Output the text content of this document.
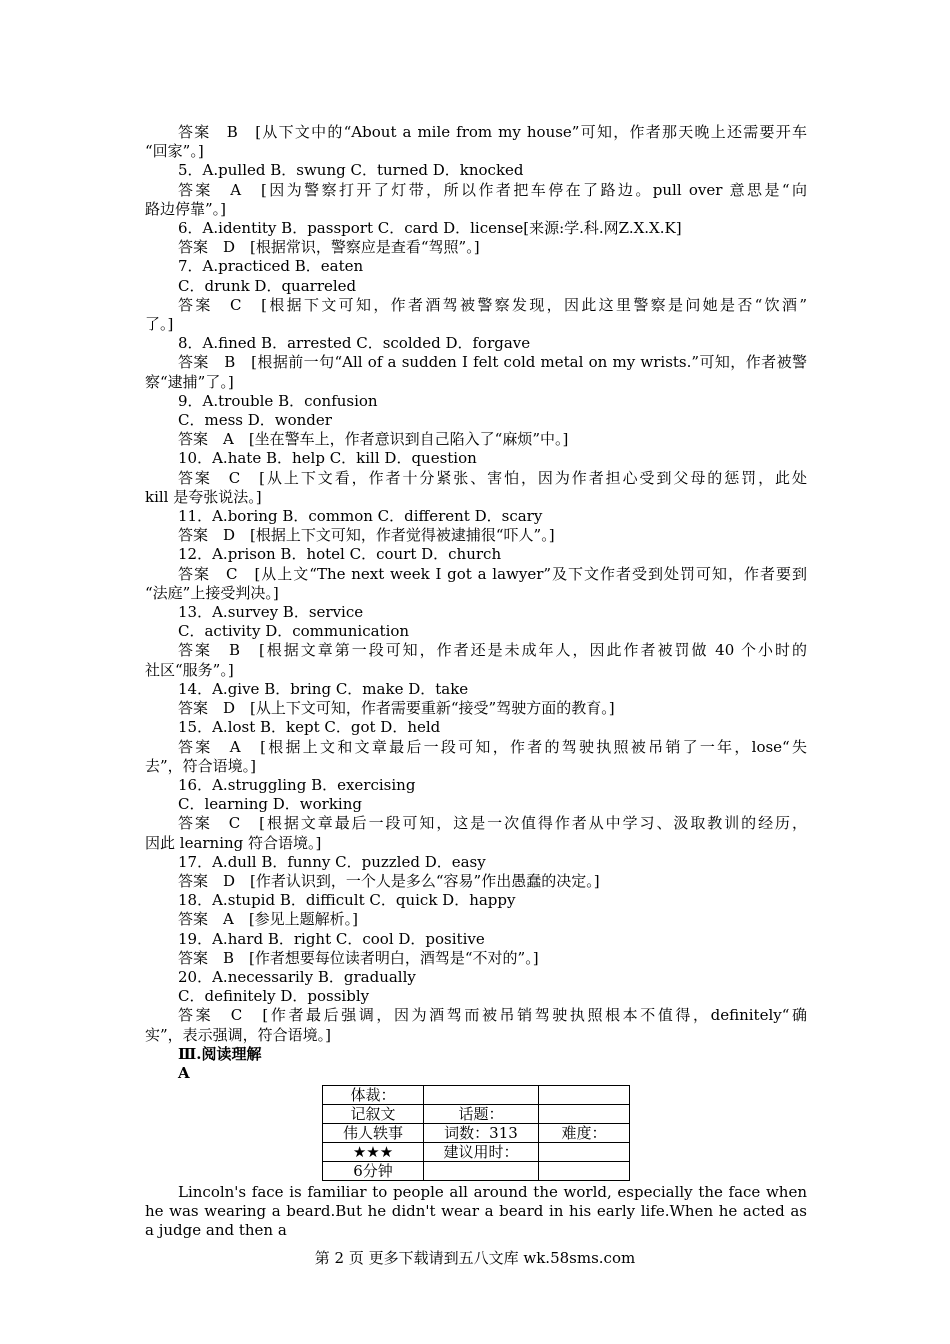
答案　B　[从下文中的“About a mile from my house”可知，作者那天晚上还需要开车
“回家”。]
5．A.pulled B．swung C．turned D．knocked
答案　A　[因为警察打开了灯带，所以作者把车停在了路边。pull over 意思是“向
路边停靠”。]
6．A.identity B．passport C．card D．license[来源:学.科.网Z.X.X.K]
答案　D　[根据常识，警察应是查看“驾照”。]
7．A.practiced B．eaten
C．drunk D．quarreled
答案　C　[根据下文可知，作者酒驾被警察发现，因此这里警察是问她是否“饮酒”
了。]
8．A.fined B．arrested C．scolded D．forgave
答案　B　[根据前一句“All of a sudden I felt cold metal on my wrists.”可知，作者被警
察“逮捕”了。]
9．A.trouble B．confusion
C．mess D．wonder
答案　A　[坐在警车上，作者意识到自己陷入了“麻烦”中。]
10．A.hate B．help C．kill D．question
答案　C　[从上下文看，作者十分紧张、害怕，因为作者担心受到父母的惩罚，此处
kill 是夸张说法。]
11．A.boring B．common C．different D．scary
答案　D　[根据上下文可知，作者觉得被逮捕很“吓人”。]
12．A.prison B．hotel C．court D．church
答案　C　[从上文“The next week I got a lawyer”及下文作者受到处罚可知，作者要到
“法庭”上接受判决。]
13．A.survey B．service
C．activity D．communication
答案　B　[根据文章第一段可知，作者还是未成年人，因此作者被罚做 40 个小时的
社区“服务”。]
14．A.give B．bring C．make D．take
答案　D　[从上下文可知，作者需要重新“接受”驾驶方面的教育。]
15．A.lost B．kept C．got D．held
答案　A　[根据上文和文章最后一段可知，作者的驾驶执照被吊销了一年，lose“失
去”，符合语境。]
16．A.struggling B．exercising
C．learning D．working
答案　C　[根据文章最后一段可知，这是一次值得作者从中学习、汲取教训的经历，
因此 learning 符合语境。]
17．A.dull B．funny C．puzzled D．easy
答案　D　[作者认识到，一个人是多么“容易”作出愚蠢的决定。]
18．A.stupid B．difficult C．quick D．happy
答案　A　[参见上题解析。]
19．A.hard B．right C．cool D．positive
答案　B　[作者想要每位读者明白，酒驾是“不对的”。]
20．A.necessarily B．gradually
C．definitely D．possibly
答案　C　[作者最后强调，因为酒驾而被吊销驾驶执照根本不值得，definitely“确
实”，表示强调，符合语境。]
Ⅲ.阅读理解
A
体裁：		
记叙文	话题：	
伟人轶事	词数：313	难度：
★★★	建议用时：	
6分钟		
Lincoln's face is familiar to people all around the world, especially the face when he was wearing a beard.But he didn't wear a beard in his early life.When he acted as a judge and then a
第 2 页 更多下载请到五八文库 wk.58sms.com
